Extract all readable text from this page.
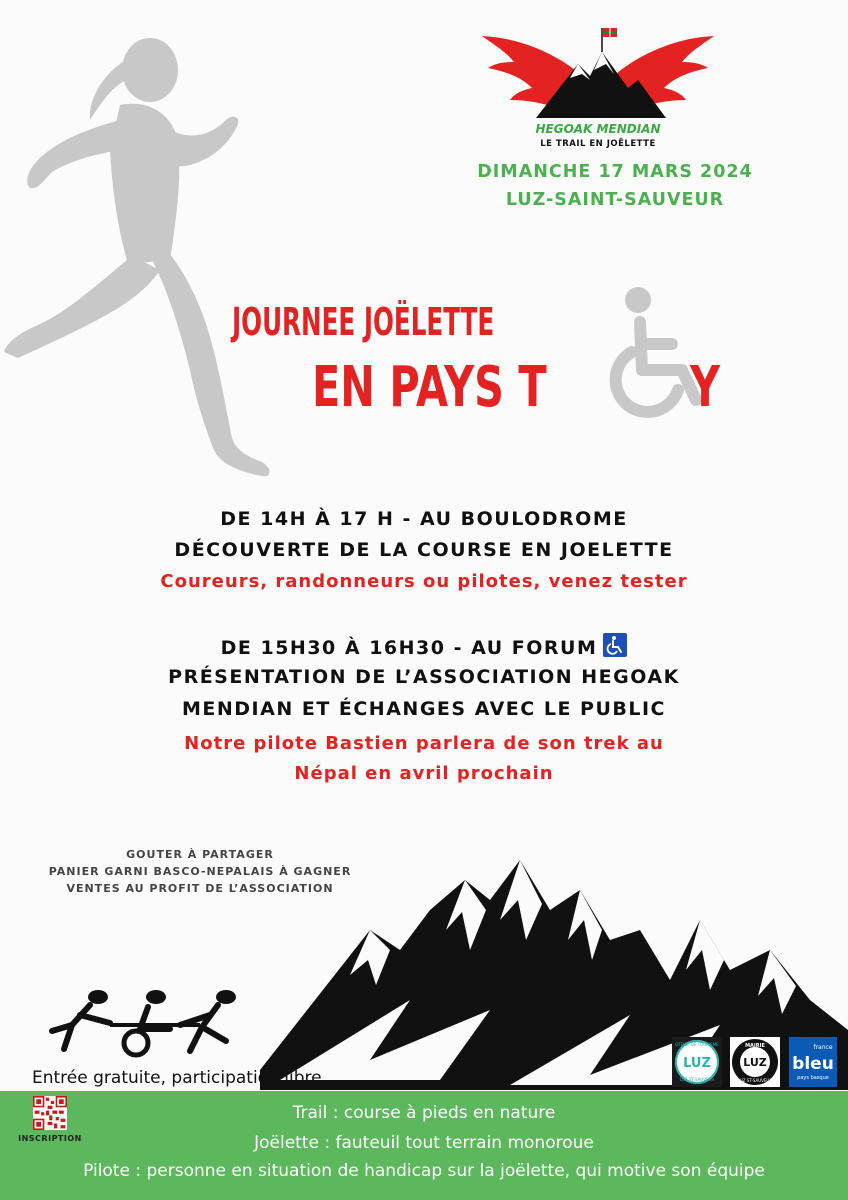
HEGOAK MENDIAN
LE TRAIL EN JOËLETTE
DIMANCHE 17 MARS 2024
LUZ-SAINT-SAUVEUR
JOURNEE JOËLETTE
EN PAYS T	Y
DE 14H À 17 H - AU BOULODROME
DÉCOUVERTE DE LA COURSE EN JOELETTE
Coureurs, randonneurs ou pilotes, venez tester
DE 15H30 À 16H30 - AU FORUM
PRÉSENTATION DE L’ASSOCIATION HEGOAK
MENDIAN ET ÉCHANGES AVEC LE PUBLIC
Notre pilote Bastien parlera de son trek au
Népal en avril prochain
GOUTER À PARTAGER
PANIER GARNI BASCO-NEPALAIS À GAGNER
VENTES AU PROFIT DE L’ASSOCIATION
OFFICE DE TOURISME
LUZ
LUZ ST-SAUVEUR
MAIRIE
LUZ
LUZ ST-SAUVEUR
france
bleu
pays basque
Entrée gratuite, participation libre
INSCRIPTION
Trail : course à pieds en nature
Joëlette : fauteuil tout terrain monoroue
Pilote : personne en situation de handicap sur la joëlette, qui motive son équipe
